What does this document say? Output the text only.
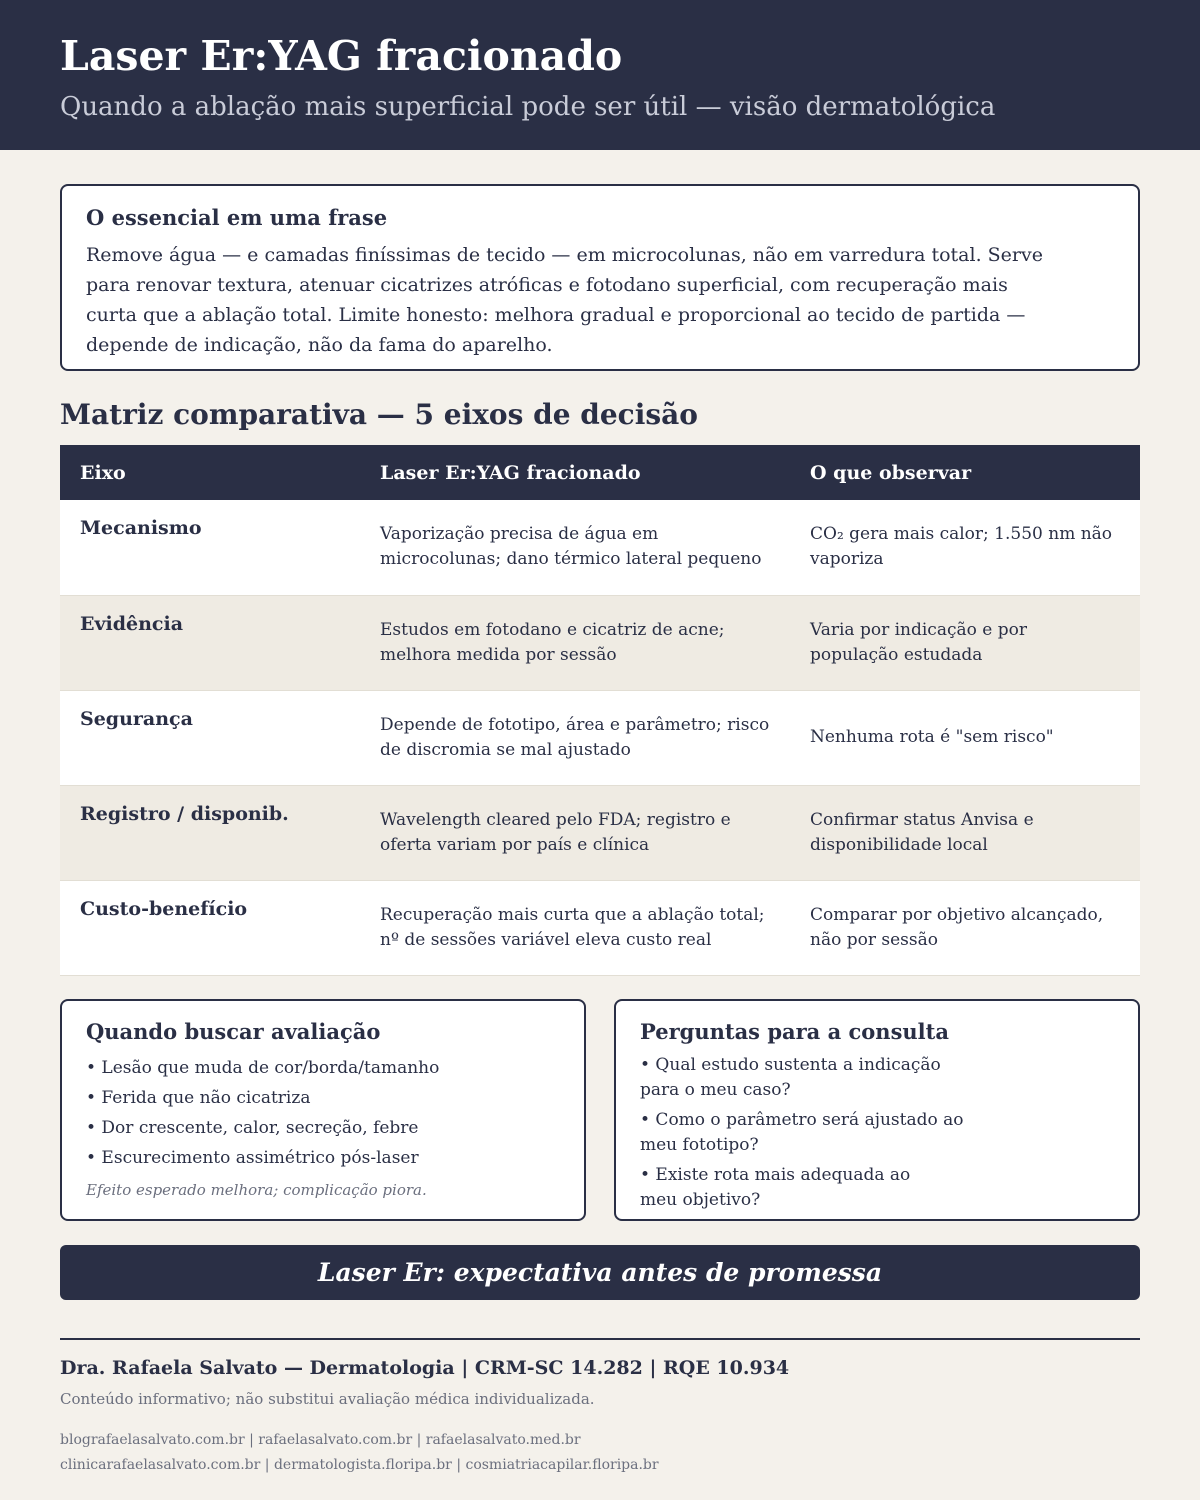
Laser Er:YAG fracionado
Quando a ablação mais superficial pode ser útil — visão dermatológica
O essencial em uma frase

Remove água — e camadas finíssimas de tecido — em microcolunas, não em varredura total. Serve para renovar textura, atenuar cicatrizes atróficas e fotodano superficial, com recuperação mais curta que a ablação total. Limite honesto: melhora gradual e proporcional ao tecido de partida — depende de indicação, não da fama do aparelho.

Matriz comparativa — 5 eixos de decisão
Eixo	Laser Er:YAG fracionado	O que observar
Mecanismo	Vaporização precisa de água em microcolunas; dano térmico lateral pequeno	CO₂ gera mais calor; 1.550 nm não vaporiza
Evidência	Estudos em fotodano e cicatriz de acne; melhora medida por sessão	Varia por indicação e por população estudada
Segurança	Depende de fototipo, área e parâmetro; risco de discromia se mal ajustado	Nenhuma rota é "sem risco"
Registro / disponib.	Wavelength cleared pelo FDA; registro e oferta variam por país e clínica	Confirmar status Anvisa e disponibilidade local
Custo-benefício	Recuperação mais curta que a ablação total; nº de sessões variável eleva custo real	Comparar por objetivo alcançado, não por sessão
Quando buscar avaliação
• Lesão que muda de cor/borda/tamanho
• Ferida que não cicatriza
• Dor crescente, calor, secreção, febre
• Escurecimento assimétrico pós-laser
Efeito esperado melhora; complicação piora.
Perguntas para a consulta
• Qual estudo sustenta a indicação para o meu caso?
• Como o parâmetro será ajustado ao meu fototipo?
• Existe rota mais adequada ao meu objetivo?
Laser Er: expectativa antes de promessa
Dra. Rafaela Salvato — Dermatologia | CRM-SC 14.282 | RQE 10.934
Conteúdo informativo; não substitui avaliação médica individualizada.
blografaelasalvato.com.br | rafaelasalvato.com.br | rafaelasalvato.med.br
clinicarafaelasalvato.com.br | dermatologista.floripa.br | cosmiatriacapilar.floripa.br
